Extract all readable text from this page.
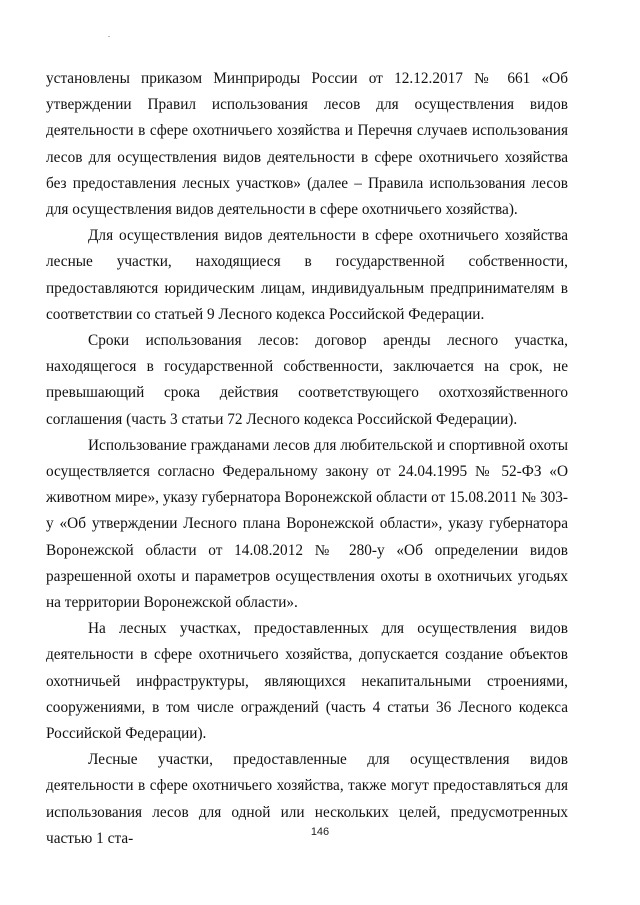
установлены приказом Минприроды России от 12.12.2017 № 661 «Об утверждении Правил использования лесов для осуществления видов деятельности в сфере охотничьего хозяйства и Перечня случаев использования лесов для осуществления видов деятельности в сфере охотничьего хозяйства без предоставления лесных участков» (далее – Правила использования лесов для осуществления видов деятельности в сфере охотничьего хозяйства).

Для осуществления видов деятельности в сфере охотничьего хозяйства лесные участки, находящиеся в государственной собственности, предоставляются юридическим лицам, индивидуальным предпринимателям в соответствии со статьей 9 Лесного кодекса Российской Федерации.

Сроки использования лесов: договор аренды лесного участка, находящегося в государственной собственности, заключается на срок, не превышающий срока действия соответствующего охотхозяйственного соглашения (часть 3 статьи 72 Лесного кодекса Российской Федерации).

Использование гражданами лесов для любительской и спортивной охоты осуществляется согласно Федеральному закону от 24.04.1995 № 52-ФЗ «О животном мире», указу губернатора Воронежской области от 15.08.2011 № 303-у «Об утверждении Лесного плана Воронежской области», указу губернатора Воронежской области от 14.08.2012 № 280-у «Об определении видов разрешенной охоты и параметров осуществления охоты в охотничьих угодьях на территории Воронежской области».

На лесных участках, предоставленных для осуществления видов деятельности в сфере охотничьего хозяйства, допускается создание объектов охотничьей инфраструктуры, являющихся некапитальными строениями, сооружениями, в том числе ограждений (часть 4 статьи 36 Лесного кодекса Российской Федерации).

Лесные участки, предоставленные для осуществления видов деятельности в сфере охотничьего хозяйства, также могут предоставляться для использования лесов для одной или нескольких целей, предусмотренных частью 1 ста-	146
